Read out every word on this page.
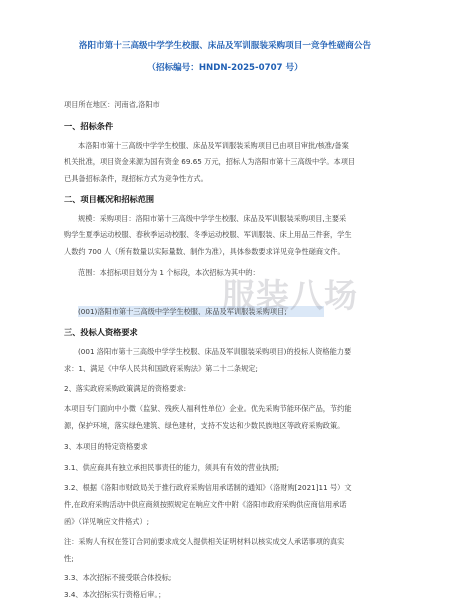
洛阳市第十三高级中学学生校服、床品及军训服装采购项目一竞争性磋商公告
（招标编号：HNDN-2025-0707 号）
项目所在地区：河南省,洛阳市
一、招标条件
本洛阳市第十三高级中学学生校服、床品及军训服装采购项目已由项目审批/核准/备案
机关批准，项目资金来源为国有资金 69.65 万元，招标人为洛阳市第十三高级中学。本项目
已具备招标条件，现招标方式为竞争性方式。
二、项目概况和招标范围
规模：采购项目：洛阳市第十三高级中学学生校服、床品及军训服装采购项目,主要采
购学生夏季运动校服、春秋季运动校服、冬季运动校服、军训服装、床上用品三件套，学生
人数约 700 人（所有数量以实际量数、制作为准），具体参数要求详见竞争性磋商文件。
范围：本招标项目划分为 1 个标段，本次招标为其中的：
(001)洛阳市第十三高级中学学生校服、床品及军训服装采购项目;
服装八场
三、投标人资格要求
(001 洛阳市第十三高级中学学生校服、床品及军训服装采购项目)的投标人资格能力要
求：1、满足《中华人民共和国政府采购法》第二十二条规定;
2、落实政府采购政策满足的资格要求:
本项目专门面向中小微（监狱、残疾人福利性单位）企业。优先采购节能环保产品，节约能
源，保护环境，落实绿色建筑、绿色建材，支持不发达和少数民族地区等政府采购政策。
3、本项目的特定资格要求
3.1、供应商具有独立承担民事责任的能力，须具有有效的营业执照;
3.2、根据《洛阳市财政局关于推行政府采购信用承诺制的通知》（洛财购[2021]11 号）文
件,在政府采购活动中供应商须按照规定在响应文件中附《洛阳市政府采购供应商信用承诺
函》（详见响应文件格式）;
注：采购人有权在签订合同前要求成交人提供相关证明材料以核实成交人承诺事项的真实
性;
3.3、本次招标不接受联合体投标;
3.4、本次招标实行资格后审。；
